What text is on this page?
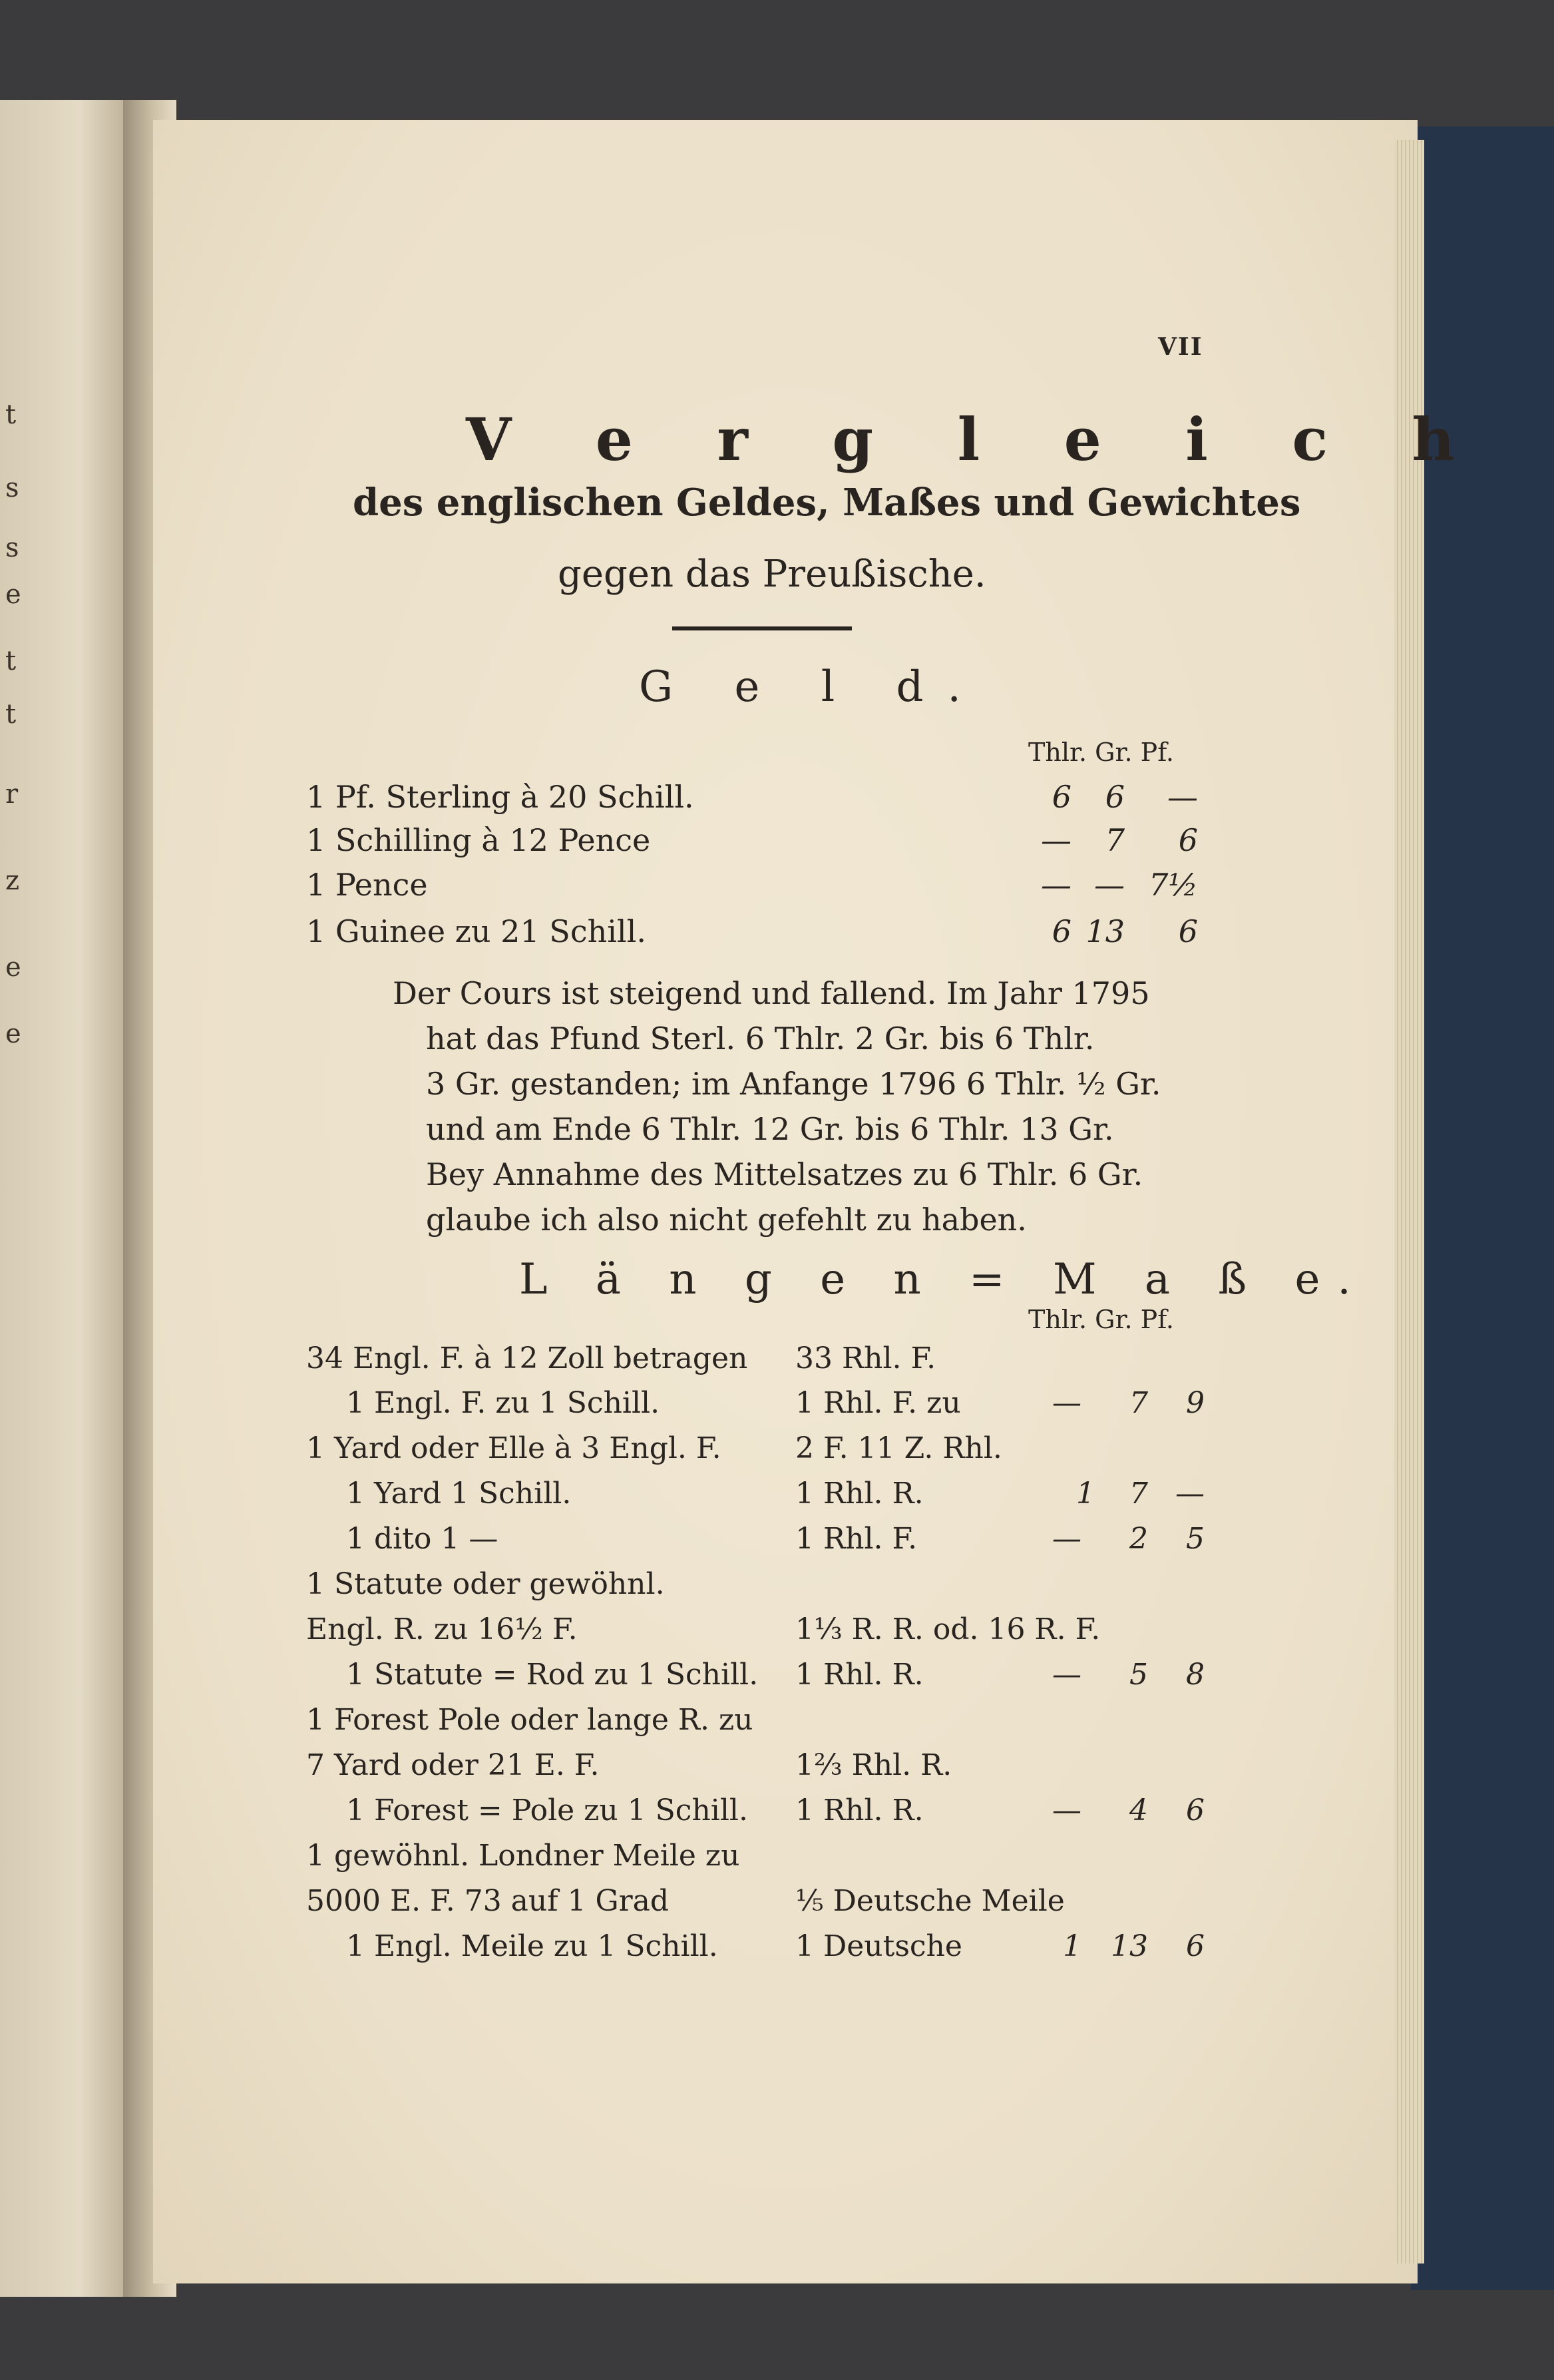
t
s
s
e
t
t
r
z
e
e
VII
V e r g l e i c h
des englischen Geldes, Maßes und Gewichtes
gegen das Preußische.
G e l d.
Thlr. Gr. Pf.
1 Pf. Sterling à 20 Schill.	6	6	—
1 Schilling à 12 Pence	—	7	6
1 Pence	— — 7½
1 Guinee zu 21 Schill.	6 13	6
Der Cours ist steigend und fallend. Im Jahr 1795
hat das Pfund Sterl. 6 Thlr. 2 Gr. bis 6 Thlr.
3 Gr. gestanden; im Anfange 1796 6 Thlr. ½ Gr.
und am Ende 6 Thlr. 12 Gr. bis 6 Thlr. 13 Gr.
Bey Annahme des Mittelsatzes zu 6 Thlr. 6 Gr.
glaube ich also nicht gefehlt zu haben.
L ä n g e n = M a ß e.
Thlr. Gr. Pf.
34 Engl. F. à 12 Zoll betragen 33 Rhl. F.
1 Engl. F. zu 1 Schill.	1 Rhl. F. zu	—	7	9
1 Yard oder Elle à 3 Engl. F.	2 F. 11 Z. Rhl.
1 Yard 1 Schill.	1 Rhl. R.	1	7 —
1 dito 1 —	1 Rhl. F.	—	2	5
1 Statute oder gewöhnl.
Engl. R. zu 16½ F.	1⅓ R. R. od. 16 R. F.
1 Statute = Rod zu 1 Schill. 1 Rhl. R.	—	5	8
1 Forest Pole oder lange R. zu
7 Yard oder 21 E. F.	1⅔ Rhl. R.
1 Forest = Pole zu 1 Schill. 1 Rhl. R.	—	4	6
1 gewöhnl. Londner Meile zu
5000 E. F. 73 auf 1 Grad	⅕ Deutsche Meile
1 Engl. Meile zu 1 Schill.	1 Deutsche	1 13	6
